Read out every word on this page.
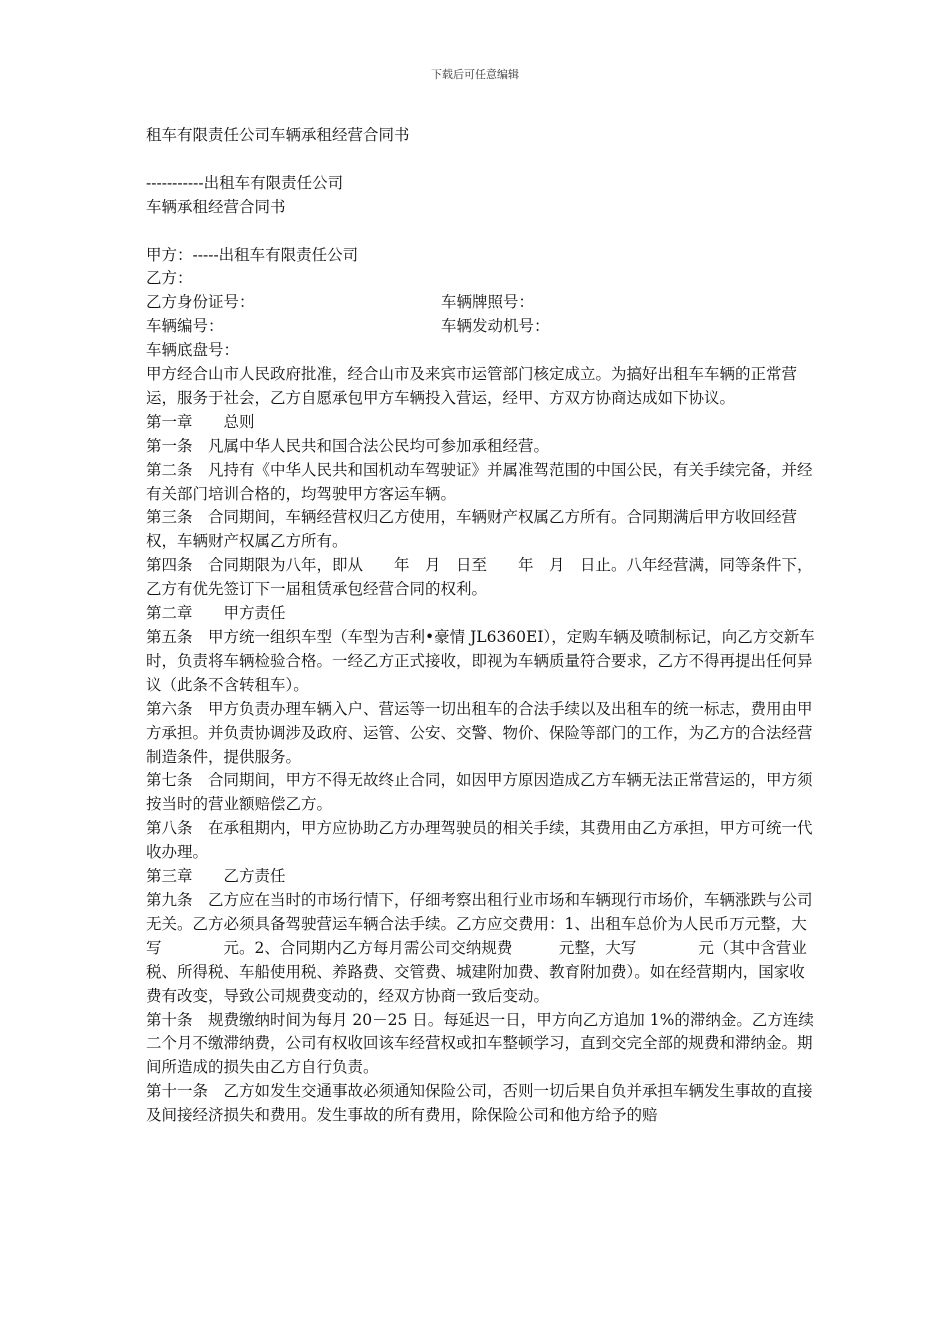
下载后可任意编辑
租车有限责任公司车辆承租经营合同书
-----------出租车有限责任公司
车辆承租经营合同书
甲方：-----出租车有限责任公司
乙方：
乙方身份证号：	车辆牌照号：
车辆编号：	车辆发动机号：
车辆底盘号：
甲方经合山市人民政府批准，经合山市及来宾市运管部门核定成立。为搞好出租车车辆的正常营运，服务于社会，乙方自愿承包甲方车辆投入营运，经甲、方双方协商达成如下协议。
第一章　　总则
第一条　凡属中华人民共和国合法公民均可参加承租经营。
第二条　凡持有《中华人民共和国机动车驾驶证》并属准驾范围的中国公民，有关手续完备，并经有关部门培训合格的，均驾驶甲方客运车辆。
第三条　合同期间，车辆经营权归乙方使用，车辆财产权属乙方所有。合同期满后甲方收回经营权，车辆财产权属乙方所有。
第四条　合同期限为八年，即从　　年　月　日至　　年　月　日止。八年经营满，同等条件下，乙方有优先签订下一届租赁承包经营合同的权利。
第二章　　甲方责任
第五条　甲方统一组织车型（车型为吉利•豪情 JL6360EI），定购车辆及喷制标记，向乙方交新车时，负责将车辆检验合格。一经乙方正式接收，即视为车辆质量符合要求，乙方不得再提出任何异议（此条不含转租车）。
第六条　甲方负责办理车辆入户、营运等一切出租车的合法手续以及出租车的统一标志，费用由甲方承担。并负责协调涉及政府、运管、公安、交警、物价、保险等部门的工作，为乙方的合法经营制造条件，提供服务。
第七条　合同期间，甲方不得无故终止合同，如因甲方原因造成乙方车辆无法正常营运的，甲方须按当时的营业额赔偿乙方。
第八条　在承租期内，甲方应协助乙方办理驾驶员的相关手续，其费用由乙方承担，甲方可统一代收办理。
第三章　　乙方责任
第九条　乙方应在当时的市场行情下，仔细考察出租行业市场和车辆现行市场价，车辆涨跌与公司无关。乙方必须具备驾驶营运车辆合法手续。乙方应交费用：1、出租车总价为人民币万元整，大写　　　　元。2、合同期内乙方每月需公司交纳规费　　　元整，大写　　　　元（其中含营业税、所得税、车船使用税、养路费、交管费、城建附加费、教育附加费）。如在经营期内，国家收费有改变，导致公司规费变动的，经双方协商一致后变动。
第十条　规费缴纳时间为每月 20－25 日。每延迟一日，甲方向乙方追加 1%的滞纳金。乙方连续二个月不缴滞纳费，公司有权收回该车经营权或扣车整顿学习，直到交完全部的规费和滞纳金。期间所造成的损失由乙方自行负责。
第十一条　乙方如发生交通事故必须通知保险公司，否则一切后果自负并承担车辆发生事故的直接及间接经济损失和费用。发生事故的所有费用，除保险公司和他方给予的赔
